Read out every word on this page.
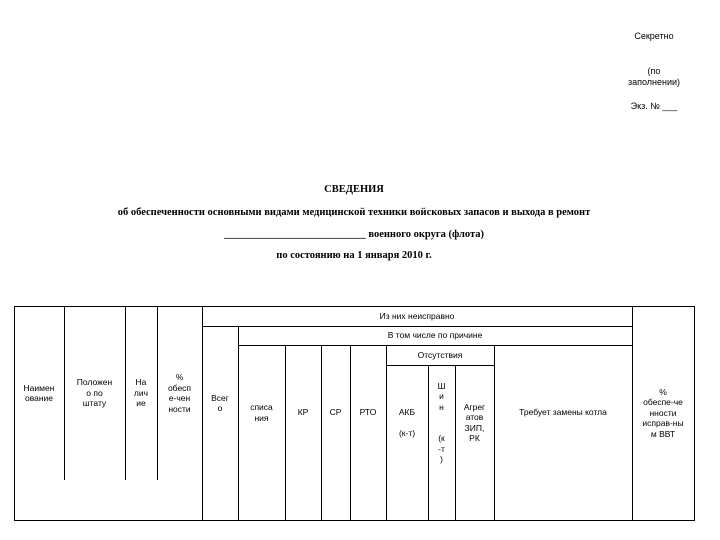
Секретно
(по
заполнении)
Экз. № ___
СВЕДЕНИЯ
об обеспеченности основными видами медицинской техники войсковых запасов и выхода в ремонт
___________________________ военного округа (флота)
по состоянию на 1 января 2010 г.
Наимен
ование
Положен
о по
штату
На
лич
ие
%
обесп
е-чен
ности
Из них неисправно
Всег
о
В том числе по причине
списа
ния
КР	СР	РТО
Отсутствия
АКБ

(к-т)
Ш
и
н

(к
-т
)
Агрег
атов
ЗИП,
РК
Требует замены котла
%
обеспе-че
нности
исправ-ны
м ВВТ
